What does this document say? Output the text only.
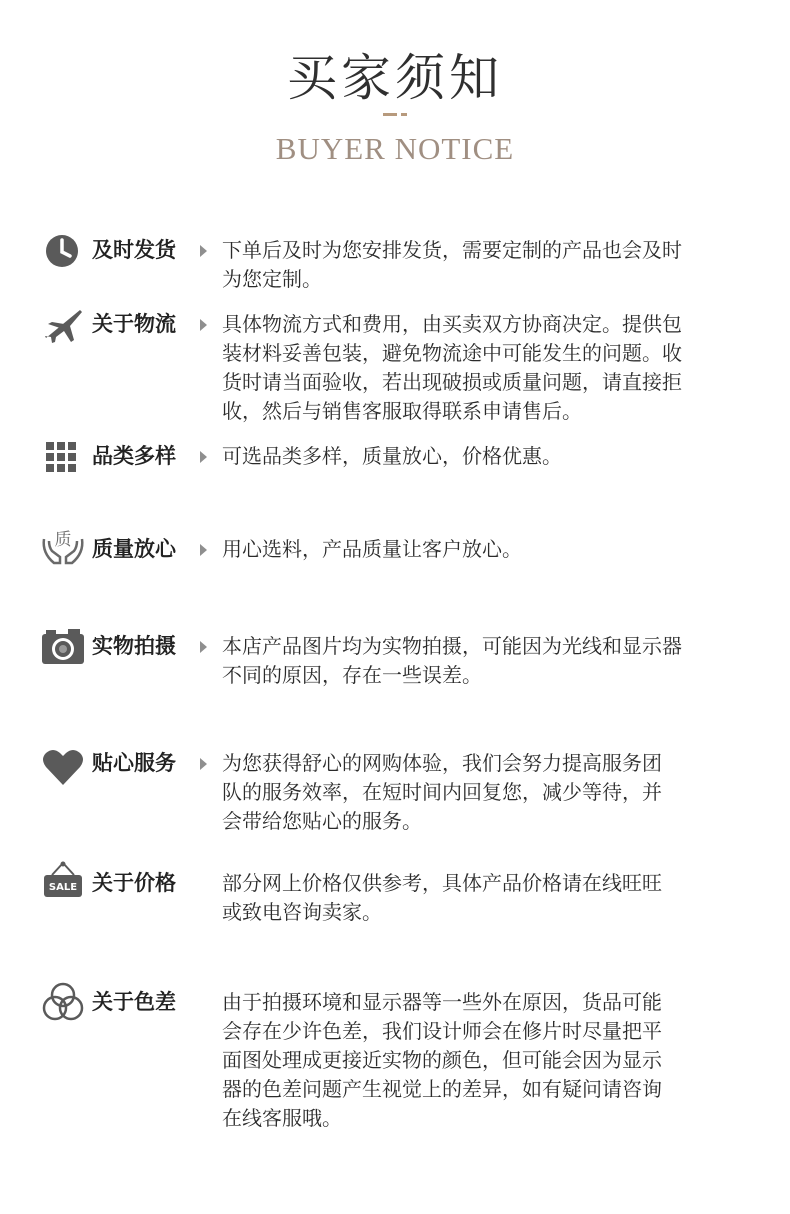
买家须知
BUYER NOTICE
及时发货 下单后及时为您安排发货，需要定制的产品也会及时
为您定制。
关于物流 具体物流方式和费用，由买卖双方协商决定。提供包
装材料妥善包装，避免物流途中可能发生的问题。收
货时请当面验收，若出现破损或质量问题，请直接拒
收，然后与销售客服取得联系申请售后。
品类多样 可选品类多样，质量放心，价格优惠。
质 质量放心 用心选料，产品质量让客户放心。
实物拍摄 本店产品图片均为实物拍摄，可能因为光线和显示器
不同的原因，存在一些误差。
贴心服务 为您获得舒心的网购体验，我们会努力提高服务团
队的服务效率，在短时间内回复您，减少等待，并
会带给您贴心的服务。
SALE 关于价格 部分网上价格仅供参考，具体产品价格请在线旺旺
或致电咨询卖家。
关于色差 由于拍摄环境和显示器等一些外在原因，货品可能
会存在少许色差，我们设计师会在修片时尽量把平
面图处理成更接近实物的颜色，但可能会因为显示
器的色差问题产生视觉上的差异，如有疑问请咨询
在线客服哦。
